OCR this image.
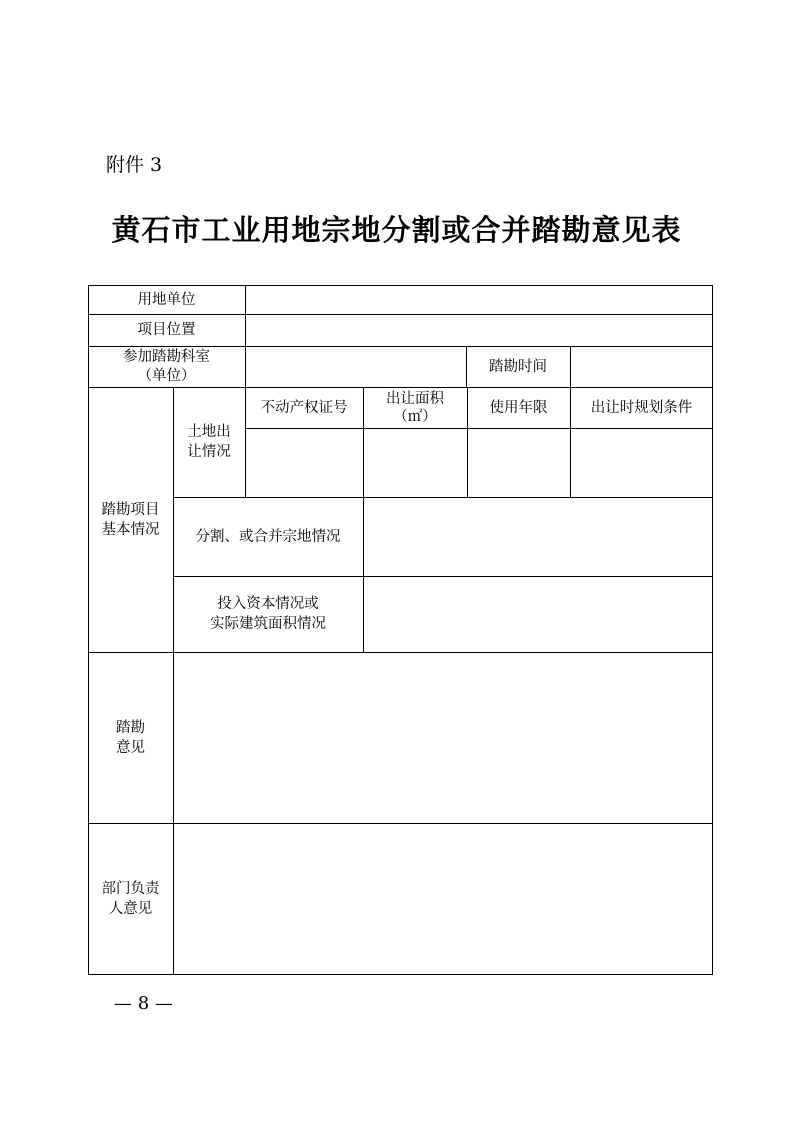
附件 3
黄石市工业用地宗地分割或合并踏勘意见表
用地单位
项目位置
参加踏勘科室
（单位）
踏勘时间
踏勘项目
基本情况
土地出
让情况
不动产权证号
出让面积
（㎡）
使用年限	出让时规划条件
分割、或合并宗地情况
投入资本情况或
实际建筑面积情况
踏勘
意见
部门负责
人意见
— 8 —
